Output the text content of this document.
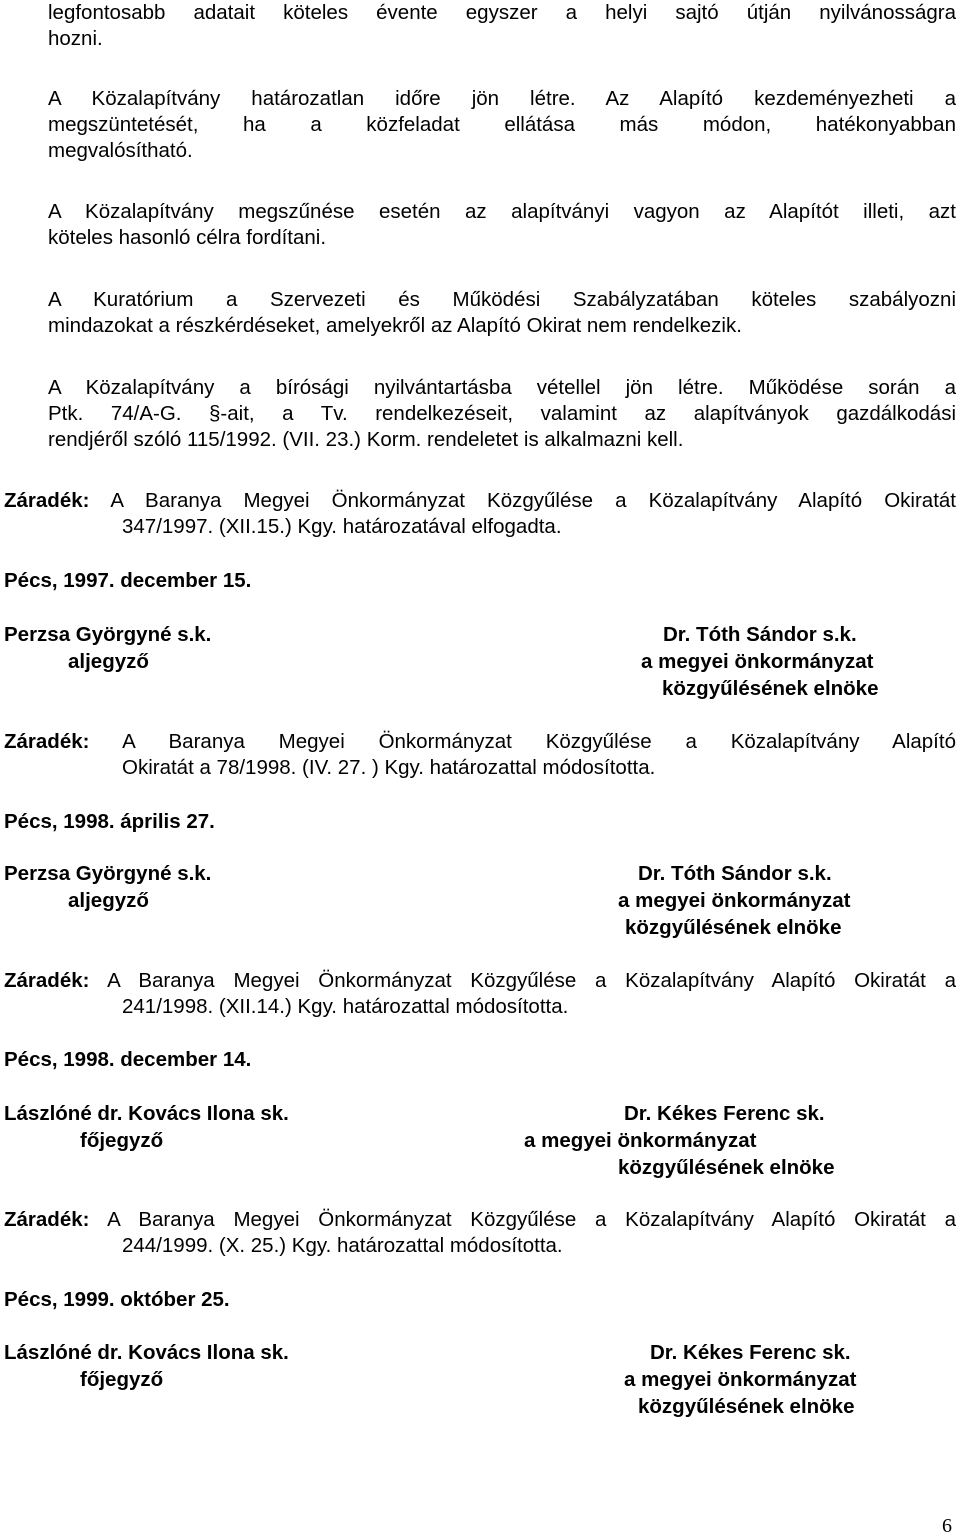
legfontosabb adatait köteles évente egyszer a helyi sajtó útján nyilvánosságra
hozni.

A Közalapítvány határozatlan időre jön létre. Az Alapító kezdeményezheti a
megszüntetését, ha a közfeladat ellátása más módon, hatékonyabban
megvalósítható.

A Közalapítvány megszűnése esetén az alapítványi vagyon az Alapítót illeti, azt
köteles hasonló célra fordítani.

A Kuratórium a Szervezeti és Működési Szabályzatában köteles szabályozni
mindazokat a részkérdéseket, amelyekről az Alapító Okirat nem rendelkezik.

A Közalapítvány a bírósági nyilvántartásba vétellel jön létre. Működése során a
Ptk. 74/A-G. §-ait, a Tv. rendelkezéseit, valamint az alapítványok gazdálkodási
rendjéről szóló 115/1992. (VII. 23.) Korm. rendeletet is alkalmazni kell.

Záradék: A Baranya Megyei Önkormányzat Közgyűlése a Közalapítvány Alapító Okiratát
347/1997. (XII.15.) Kgy. határozatával elfogadta.

Pécs, 1997. december 15.

Perzsa Györgyné s.k.

aljegyző

Dr. Tóth Sándor s.k.

a megyei önkormányzat

közgyűlésének elnöke

Záradék: A Baranya Megyei Önkormányzat Közgyűlése a Közalapítvány Alapító
Okiratát a 78/1998. (IV. 27. ) Kgy. határozattal módosította.

Pécs, 1998. április 27.

Perzsa Györgyné s.k.

aljegyző

Dr. Tóth Sándor s.k.

a megyei önkormányzat

közgyűlésének elnöke

Záradék: A Baranya Megyei Önkormányzat Közgyűlése a Közalapítvány Alapító Okiratát a
241/1998. (XII.14.) Kgy. határozattal módosította.

Pécs, 1998. december 14.

Lászlóné dr. Kovács Ilona sk.

főjegyző

Dr. Kékes Ferenc sk.

a megyei önkormányzat

közgyűlésének elnöke

Záradék: A Baranya Megyei Önkormányzat Közgyűlése a Közalapítvány Alapító Okiratát a
244/1999. (X. 25.) Kgy. határozattal módosította.

Pécs, 1999. október 25.

Lászlóné dr. Kovács Ilona sk.

főjegyző

Dr. Kékes Ferenc sk.

a megyei önkormányzat

közgyűlésének elnöke

6
